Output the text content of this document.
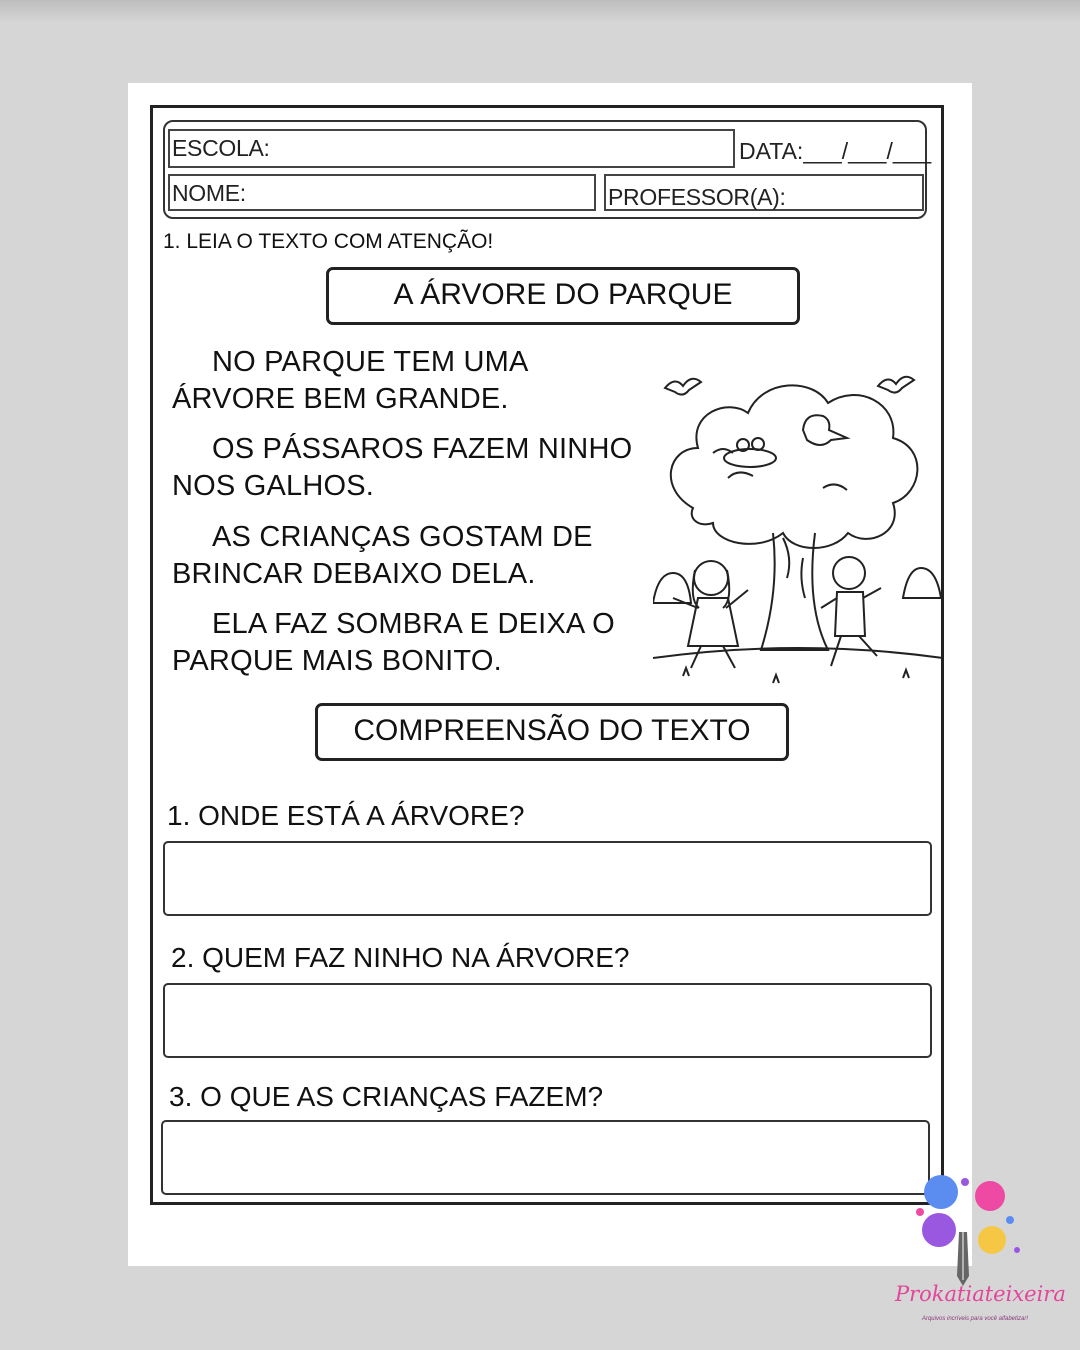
ESCOLA:	DATA:___/___/___
NOME:	PROFESSOR(A):
1. LEIA O TEXTO COM ATENÇÃO!
A ÁRVORE DO PARQUE
NO PARQUE TEM UMA
ÁRVORE BEM GRANDE.
OS PÁSSAROS FAZEM NINHO
NOS GALHOS.
AS CRIANÇAS GOSTAM DE
BRINCAR DEBAIXO DELA.
ELA FAZ SOMBRA E DEIXA O
PARQUE MAIS BONITO.
COMPREENSÃO DO TEXTO
1. ONDE ESTÁ A ÁRVORE?
2. QUEM FAZ NINHO NA ÁRVORE?
3. O QUE AS CRIANÇAS FAZEM?
Prokatiateixeira
Arquivos incríveis para você alfabetizar!
